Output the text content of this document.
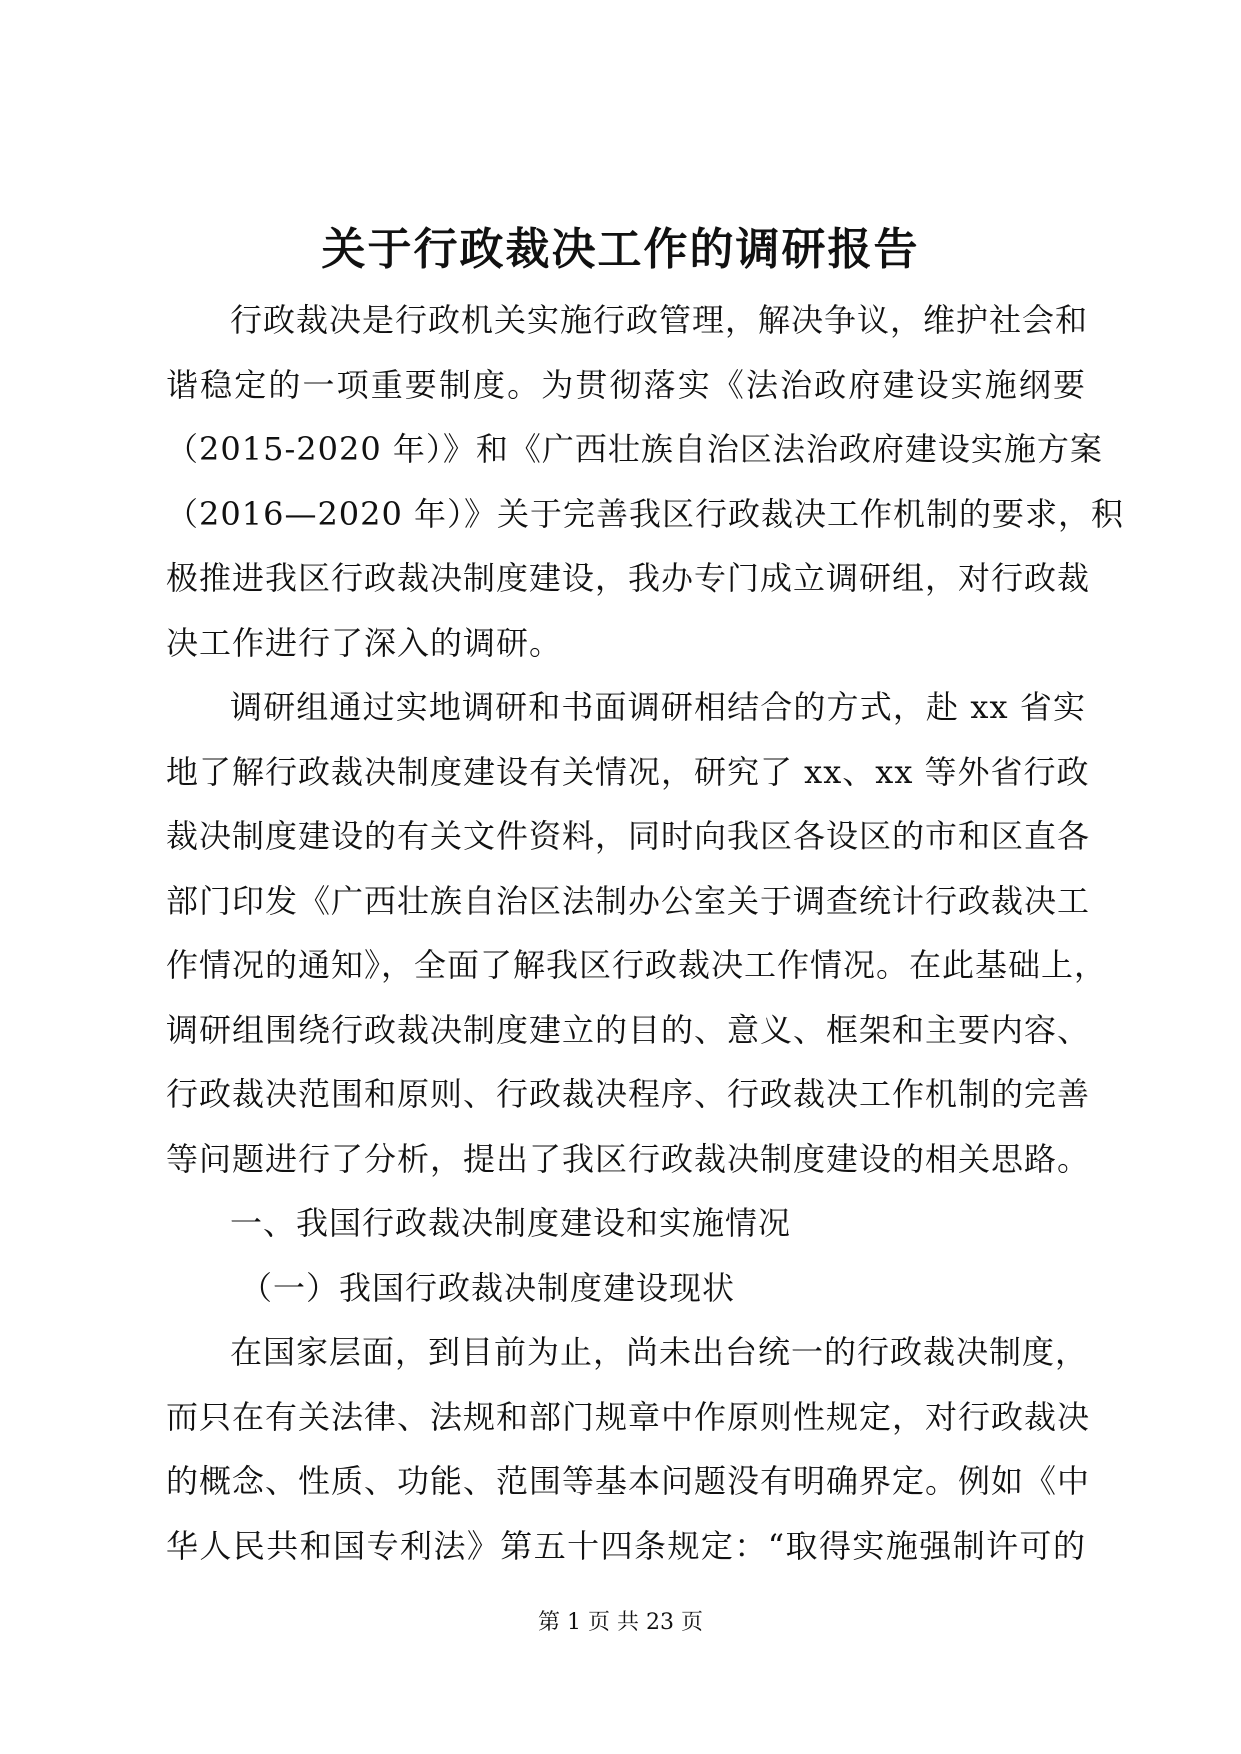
关于行政裁决工作的调研报告
行政裁决是行政机关实施行政管理，解决争议，维护社会和
谐稳定的一项重要制度。为贯彻落实《法治政府建设实施纲要
（2015-2020 年）》和《广西壮族自治区法治政府建设实施方案
（2016—2020 年）》关于完善我区行政裁决工作机制的要求，积
极推进我区行政裁决制度建设，我办专门成立调研组，对行政裁
决工作进行了深入的调研。
调研组通过实地调研和书面调研相结合的方式，赴 xx 省实
地了解行政裁决制度建设有关情况，研究了 xx、xx 等外省行政
裁决制度建设的有关文件资料，同时向我区各设区的市和区直各
部门印发《广西壮族自治区法制办公室关于调查统计行政裁决工
作情况的通知》，全面了解我区行政裁决工作情况。在此基础上，
调研组围绕行政裁决制度建立的目的、意义、框架和主要内容、
行政裁决范围和原则、行政裁决程序、行政裁决工作机制的完善
等问题进行了分析，提出了我区行政裁决制度建设的相关思路。
一、我国行政裁决制度建设和实施情况
（一）我国行政裁决制度建设现状
在国家层面，到目前为止，尚未出台统一的行政裁决制度，
而只在有关法律、法规和部门规章中作原则性规定，对行政裁决
的概念、性质、功能、范围等基本问题没有明确界定。例如《中
华人民共和国专利法》第五十四条规定：“取得实施强制许可的
第 1 页 共 23 页
